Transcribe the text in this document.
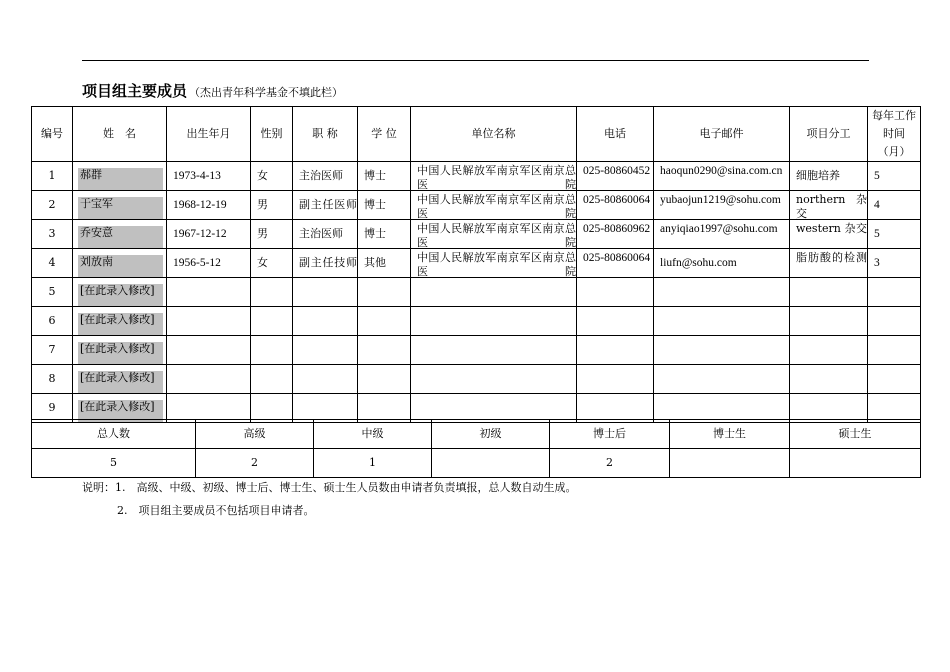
项目组主要成员 （杰出青年科学基金不填此栏）
编号	姓　名	出生年月	性别	职 称	学 位	单位名称	电话	电子邮件	项目分工	每年工作时间（月）

1	郝群	1973-4-13	女	主治医师	博士	中国人民解放军南京军区南京总医院	025-80860452	haoqun0290@sina.com.cn	细胞培养	5

2	于宝军	1968-12-19	男	副主任医师	博士	中国人民解放军南京军区南京总医院	025-80860064	yubaojun1219@sohu.com	northern 杂交	4

3	乔安意	1967-12-12	男	主治医师	博士	中国人民解放军南京军区南京总医院	025-80860962	anyiqiao1997@sohu.com	western 杂交	5

4	刘放南	1956-5-12	女	副主任技师	其他	中国人民解放军南京军区南京总医院	025-80860064	liufn@sohu.com	脂肪酸的检测	3

5	[在此录入修改]									

6	[在此录入修改]									

7	[在此录入修改]									

8	[在此录入修改]									

9	[在此录入修改]									

总人数	高级	中级	初级	博士后	博士生	硕士生
5	2	1		2		
说明：1.　高级、中级、初级、博士后、博士生、硕士生人员数由申请者负责填报，总人数自动生成。
2.　项目组主要成员不包括项目申请者。
